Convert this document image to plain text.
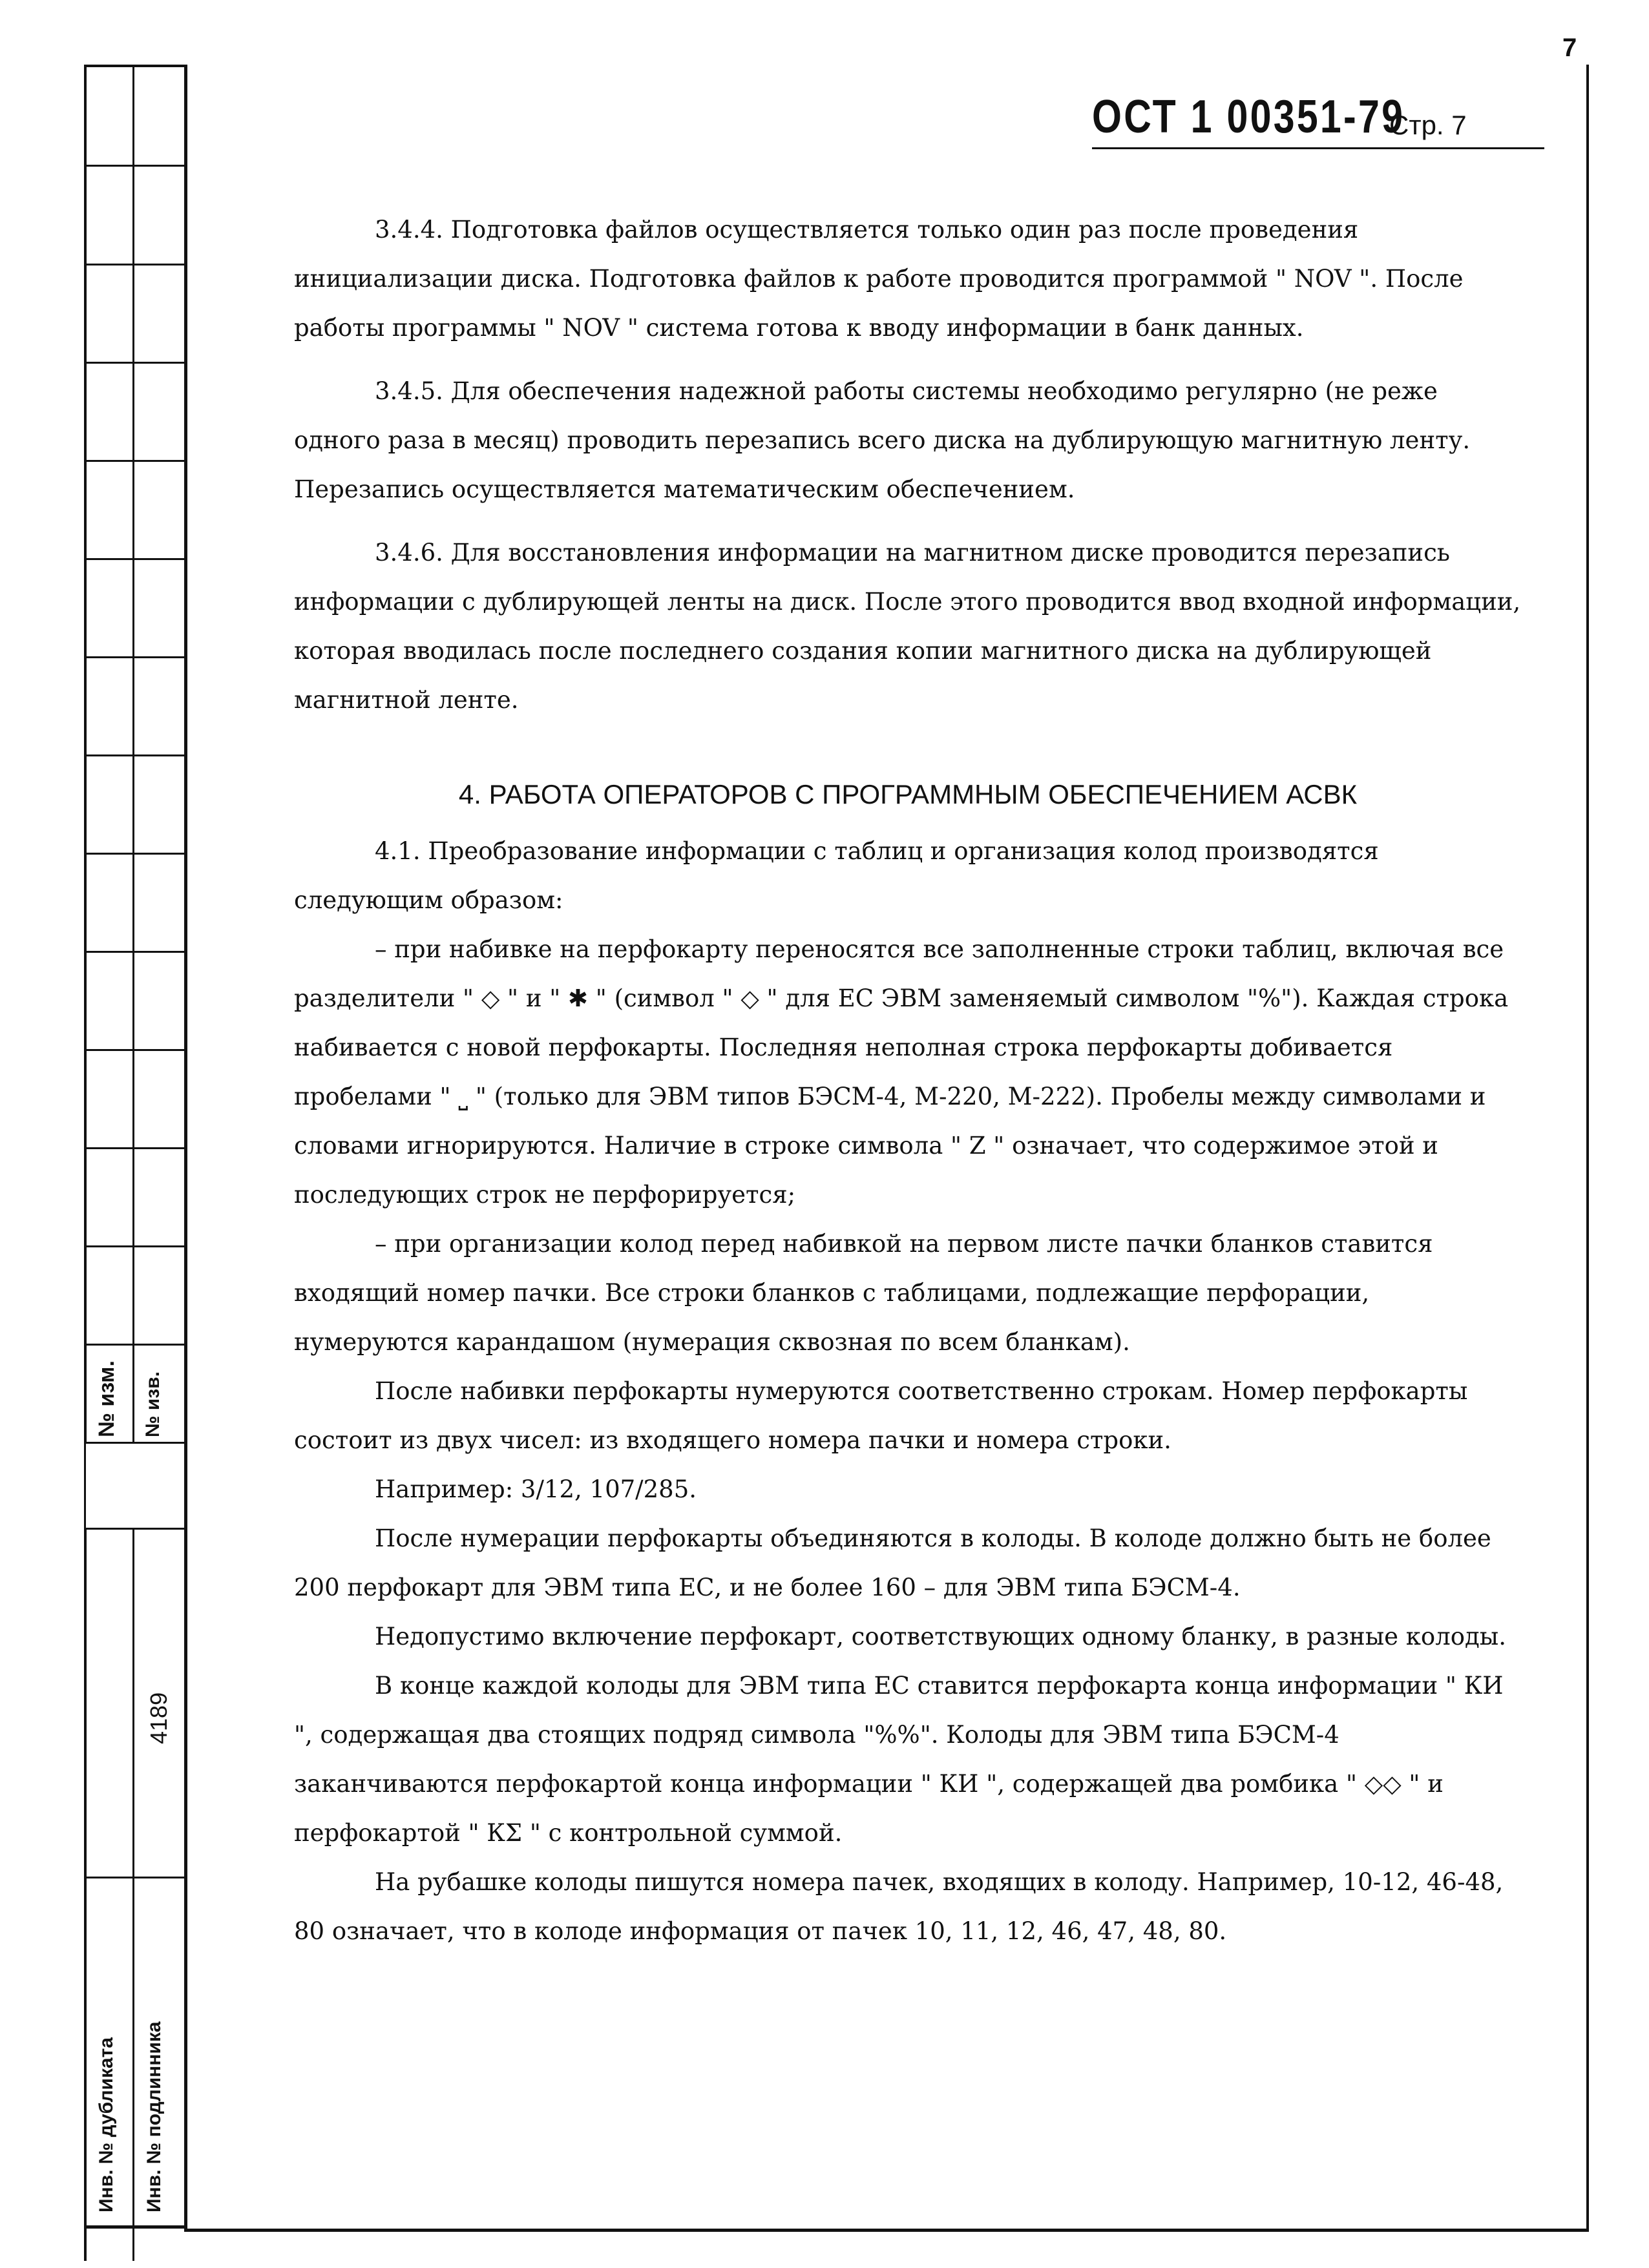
7
№ изм. № изв.
4189
Инв. № дубликата Инв. № подлинника
ОСТ 1 00351-79
Стр. 7

3.4.4. Подготовка файлов осуществляется только один раз после проведения инициализации диска. Подготовка файлов к работе проводится программой " NOV ". После работы программы " NOV " система готова к вводу информации в банк данных.

3.4.5. Для обеспечения надежной работы системы необходимо регулярно (не реже одного раза в месяц) проводить перезапись всего диска на дублирующую магнитную ленту. Перезапись осуществляется математическим обеспечением.

3.4.6. Для восстановления информации на магнитном диске проводится перезапись информации с дублирующей ленты на диск. После этого проводится ввод входной информации, которая вводилась после последнего создания копии магнитного диска на дублирующей магнитной ленте.

4. РАБОТА ОПЕРАТОРОВ С ПРОГРАММНЫМ ОБЕСПЕЧЕНИЕМ АСВК

4.1. Преобразование информации с таблиц и организация колод производятся следующим образом:

– при набивке на перфокарту переносятся все заполненные строки таблиц, включая все разделители " ◇ " и " ✱ " (символ " ◇ " для ЕС ЭВМ заменяемый символом "%"). Каждая строка набивается с новой перфокарты. Последняя неполная строка перфокарты добивается пробелами " ⎵ " (только для ЭВМ типов БЭСМ-4, М-220, М-222). Пробелы между символами и словами игнорируются. Наличие в строке символа " Z " означает, что содержимое этой и последующих строк не перфорируется;

– при организации колод перед набивкой на первом листе пачки бланков ставится входящий номер пачки. Все строки бланков с таблицами, подлежащие перфорации, нумеруются карандашом (нумерация сквозная по всем бланкам).

После набивки перфокарты нумеруются соответственно строкам. Номер перфокарты состоит из двух чисел: из входящего номера пачки и номера строки.

Например: 3/12, 107/285.

После нумерации перфокарты объединяются в колоды. В колоде должно быть не более 200 перфокарт для ЭВМ типа ЕС, и не более 160 – для ЭВМ типа БЭСМ-4.

Недопустимо включение перфокарт, соответствующих одному бланку, в разные колоды.

В конце каждой колоды для ЭВМ типа ЕС ставится перфокарта конца информации " КИ ", содержащая два стоящих подряд символа "%%". Колоды для ЭВМ типа БЭСМ-4 заканчиваются перфокартой конца информации " КИ ", содержащей два ромбика " ◇◇ " и перфокартой " КΣ " с контрольной суммой.

На рубашке колоды пишутся номера пачек, входящих в колоду. Например, 10-12, 46-48, 80 означает, что в колоде информация от пачек 10, 11, 12, 46, 47, 48, 80.
